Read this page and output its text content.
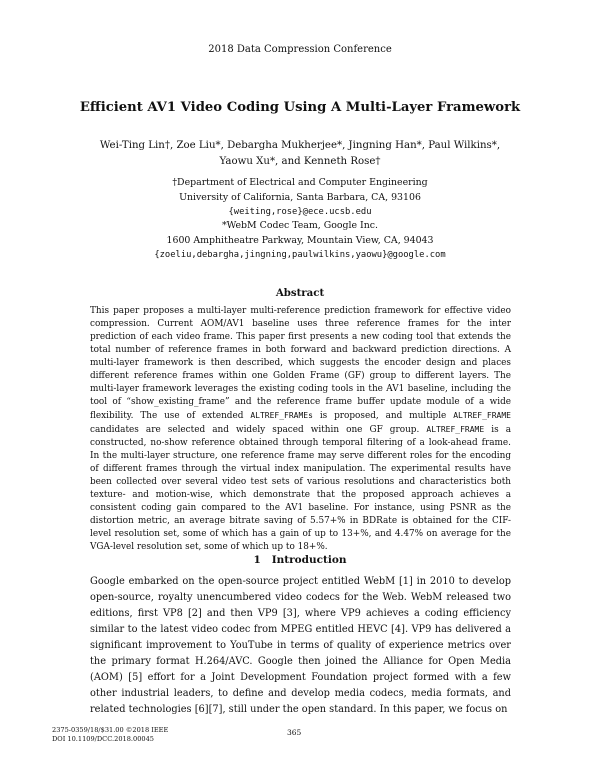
2018 Data Compression Conference
Efficient AV1 Video Coding Using A Multi-Layer Framework
Wei-Ting Lin†, Zoe Liu*, Debargha Mukherjee*, Jingning Han*, Paul Wilkins*,
Yaowu Xu*, and Kenneth Rose†
†Department of Electrical and Computer Engineering
University of California, Santa Barbara, CA, 93106
{weiting,rose}@ece.ucsb.edu
*WebM Codec Team, Google Inc.
1600 Amphitheatre Parkway, Mountain View, CA, 94043
{zoeliu,debargha,jingning,paulwilkins,yaowu}@google.com
Abstract

This paper proposes a multi-layer multi-reference prediction framework for effective video compression. Current AOM/AV1 baseline uses three reference frames for the inter prediction of each video frame. This paper first presents a new coding tool that extends the total number of reference frames in both forward and backward prediction directions. A multi-layer framework is then described, which suggests the encoder design and places different reference frames within one Golden Frame (GF) group to different layers. The multi-layer framework leverages the existing coding tools in the AV1 baseline, including the tool of “show_existing_frame” and the reference frame buffer update module of a wide flexibility. The use of extended ALTREF_FRAMEs is proposed, and multiple ALTREF_FRAME candidates are selected and widely spaced within one GF group. ALTREF_FRAME is a constructed, no-show reference obtained through temporal filtering of a look-ahead frame. In the multi-layer structure, one reference frame may serve different roles for the encoding of different frames through the virtual index manipulation. The experimental results have been collected over several video test sets of various resolutions and characteristics both texture- and motion-wise, which demonstrate that the proposed approach achieves a consistent coding gain compared to the AV1 baseline. For instance, using PSNR as the distortion metric, an average bitrate saving of 5.57+% in BDRate is obtained for the CIF-level resolution set, some of which has a gain of up to 13+%, and 4.47% on average for the VGA-level resolution set, some of which up to 18+%.

1   Introduction

Google embarked on the open-source project entitled WebM [1] in 2010 to develop open-source, royalty unencumbered video codecs for the Web. WebM released two editions, first VP8 [2] and then VP9 [3], where VP9 achieves a coding efficiency similar to the latest video codec from MPEG entitled HEVC [4]. VP9 has delivered a significant improvement to YouTube in terms of quality of experience metrics over the primary format H.264/AVC. Google then joined the Alliance for Open Media (AOM) [5] effort for a Joint Development Foundation project formed with a few other industrial leaders, to define and develop media codecs, media formats, and related technologies [6][7], still under the open standard. In this paper, we focus on

2375-0359/18/$31.00 ©2018 IEEE
DOI 10.1109/DCC.2018.00045
365
